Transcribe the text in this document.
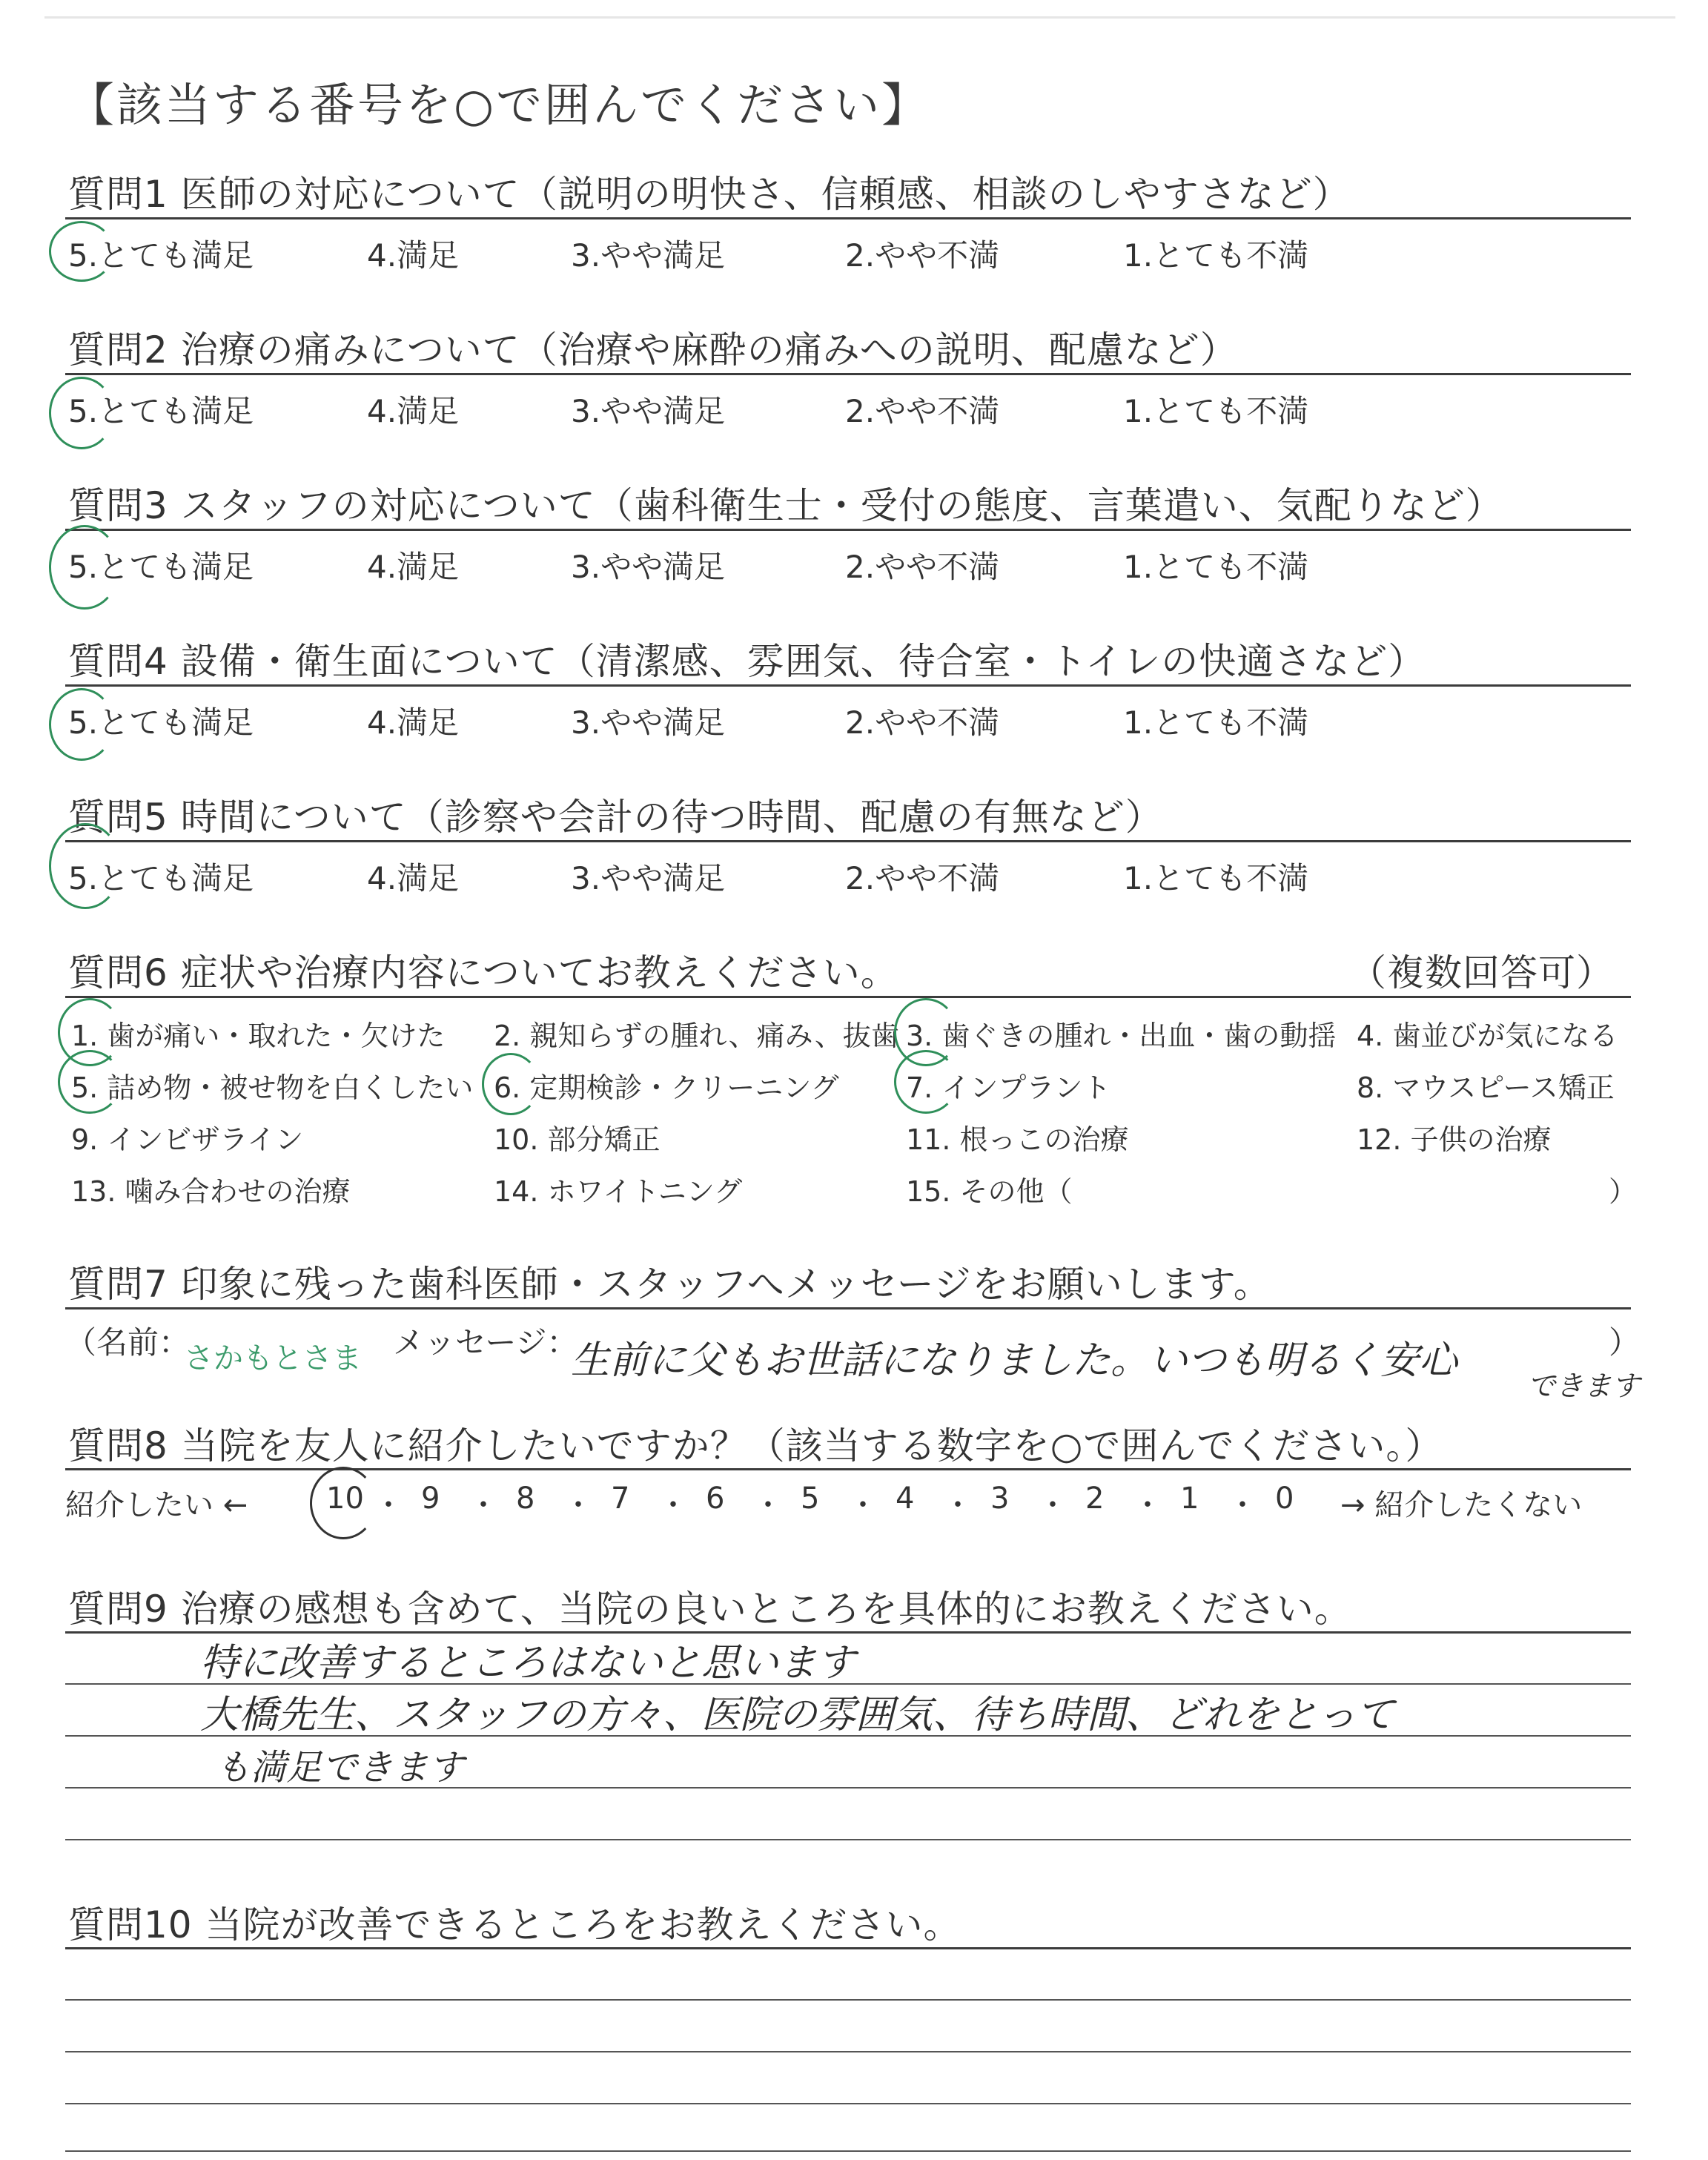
【該当する番号を○で囲んでください】
質問1 医師の対応について（説明の明快さ、信頼感、相談のしやすさなど）
5.とても満足	4.満足	3.やや満足	2.やや不満	1.とても不満
質問2 治療の痛みについて（治療や麻酔の痛みへの説明、配慮など）
5.とても満足	4.満足	3.やや満足	2.やや不満	1.とても不満
質問3 スタッフの対応について（歯科衛生士・受付の態度、言葉遣い、気配りなど）
5.とても満足	4.満足	3.やや満足	2.やや不満	1.とても不満
質問4 設備・衛生面について（清潔感、雰囲気、待合室・トイレの快適さなど）
5.とても満足	4.満足	3.やや満足	2.やや不満	1.とても不満
質問5 時間について（診察や会計の待つ時間、配慮の有無など）
5.とても満足	4.満足	3.やや満足	2.やや不満	1.とても不満
質問6 症状や治療内容についてお教えください。	（複数回答可）
1. 歯が痛い・取れた・欠けた 2. 親知らずの腫れ、痛み、抜歯 3. 歯ぐきの腫れ・出血・歯の動揺 4. 歯並びが気になる
5. 詰め物・被せ物を白くしたい 6. 定期検診・クリーニング 7. インプラント	8. マウスピース矯正
9. インビザライン	10. 部分矯正	11. 根っこの治療	12. 子供の治療
13. 噛み合わせの治療	14. ホワイトニング	15. その他（	）
質問7 印象に残った歯科医師・スタッフへメッセージをお願いします。
（名前：
さかもとさま メッセージ：
生前に父もお世話になりました。いつも明るく安心
できます
）
質問8 当院を友人に紹介したいですか？（該当する数字を○で囲んでください。）
紹介したい ←	10 ・ 9 ・ 8 ・ 7 ・ 6 ・ 5 ・ 4 ・ 3 ・ 2 ・ 1 ・ 0 → 紹介したくない
質問9 治療の感想も含めて、当院の良いところを具体的にお教えください。
特に改善するところはないと思います
大橋先生、スタッフの方々、医院の雰囲気、待ち時間、どれをとって
も満足できます
質問10 当院が改善できるところをお教えください。
